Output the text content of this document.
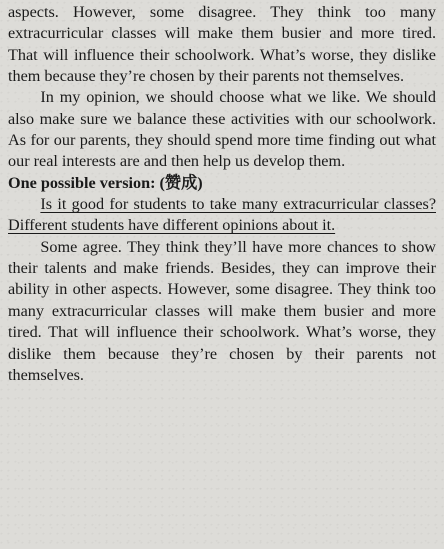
aspects. However, some disagree. They think too many extracurricular classes will make them busier and more tired. That will influence their schoolwork. What’s worse, they dislike them because they’re chosen by their parents not themselves.

In my opinion, we should choose what we like. We should also make sure we balance these activities with our schoolwork. As for our parents, they should spend more time finding out what our real interests are and then help us develop them.

One possible version: (赞成)

Is it good for students to take many extracurricular classes? Different students have different opinions about it.

Some agree. They think they’ll have more chances to show their talents and make friends. Besides, they can improve their ability in other aspects. However, some disagree. They think too many extracurricular classes will make them busier and more tired. That will influence their schoolwork. What’s worse, they dislike them because they’re chosen by their parents not themselves.
